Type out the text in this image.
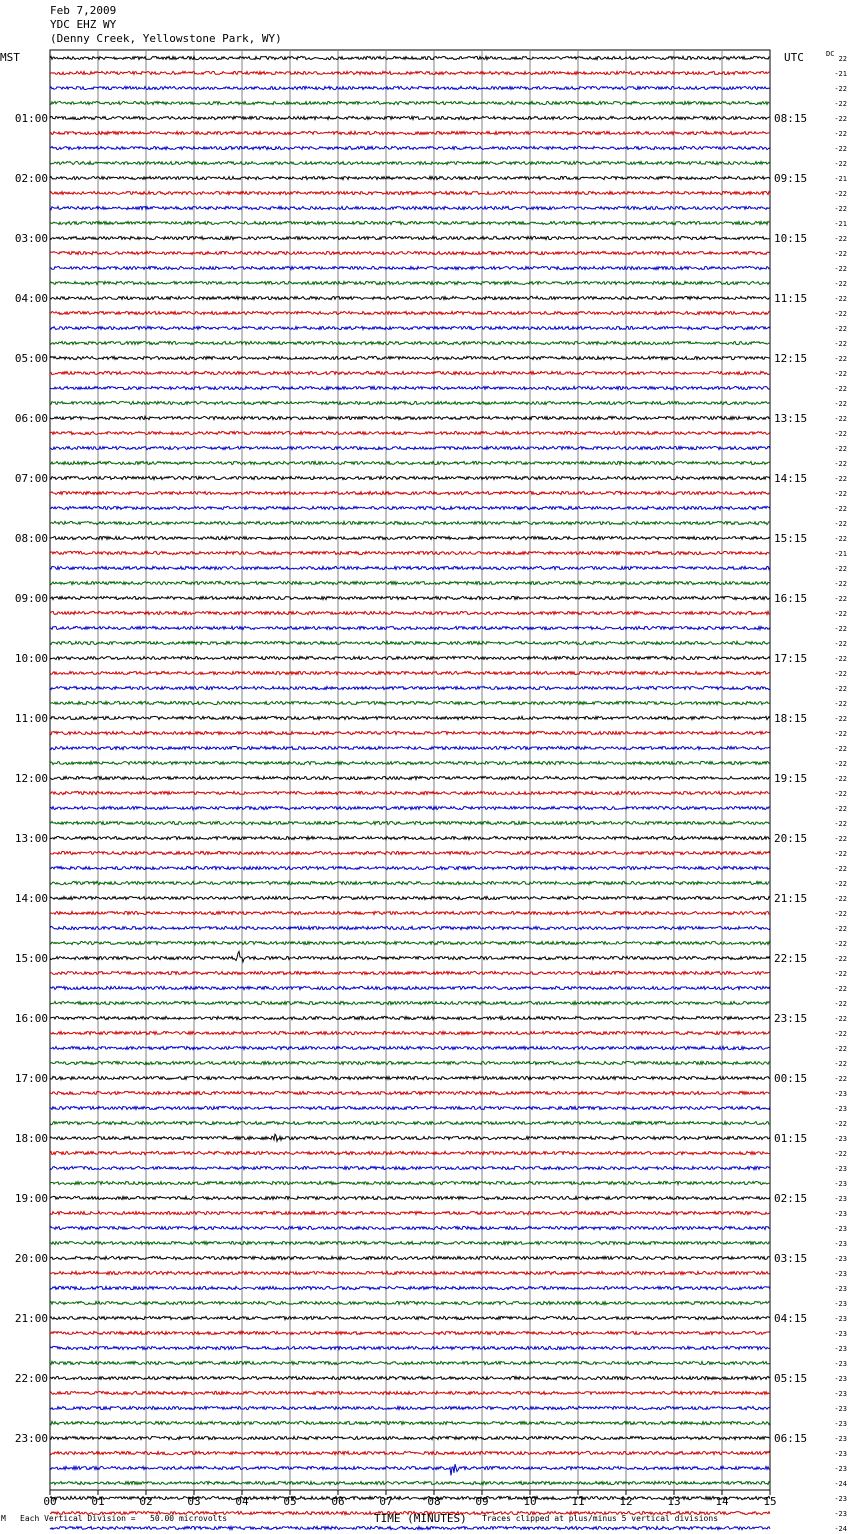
22
-21
-22
-22
-22
-22
-22
-22
-21
-22
-22
-21
-22
-22
-22
-22
-22
-22
-22
-22
-22
-22
-22
-22
-22
-22
-22
-22
-22
-22
-22
-22
-22
-21
-22
-22
-22
-22
-22
-22
-22
-22
-22
-22
-22
-22
-22
-22
-22
-22
-22
-22
-22
-22
-22
-22
-22
-22
-22
-22
-22
-22
-22
-22
-22
-22
-22
-22
-22
-23
-23
-22
-23
-22
-23
-23
-23
-23
-23
-23
-23
-23
-23
-23
-23
-23
-23
-23
-23
-23
-23
-23
-23
-23
-23
-24
-23
-23
-24
01:00
02:00
03:00
04:00
05:00
06:00
07:00
08:00
09:00
10:00
11:00
12:00
13:00
14:00
15:00
16:00
17:00
18:00
19:00
20:00
21:00
22:00
23:00
08:15
09:15
10:15
11:15
12:15
13:15
14:15
15:15
16:15
17:15
18:15
19:15
20:15
21:15
22:15
23:15
00:15
01:15
02:15
03:15
04:15
05:15
06:15
00	01	02	03	04	05	06	07	08	09	10	11	12	13	14	15
Feb 7,2009
YDC EHZ WY
(Denny Creek, Yellowstone Park, WY)
MST	UTC	DC
M Each Vertical Division =   50.00 microvolts	TIME (MINUTES) Traces clipped at plus/minus 5 vertical divisions
